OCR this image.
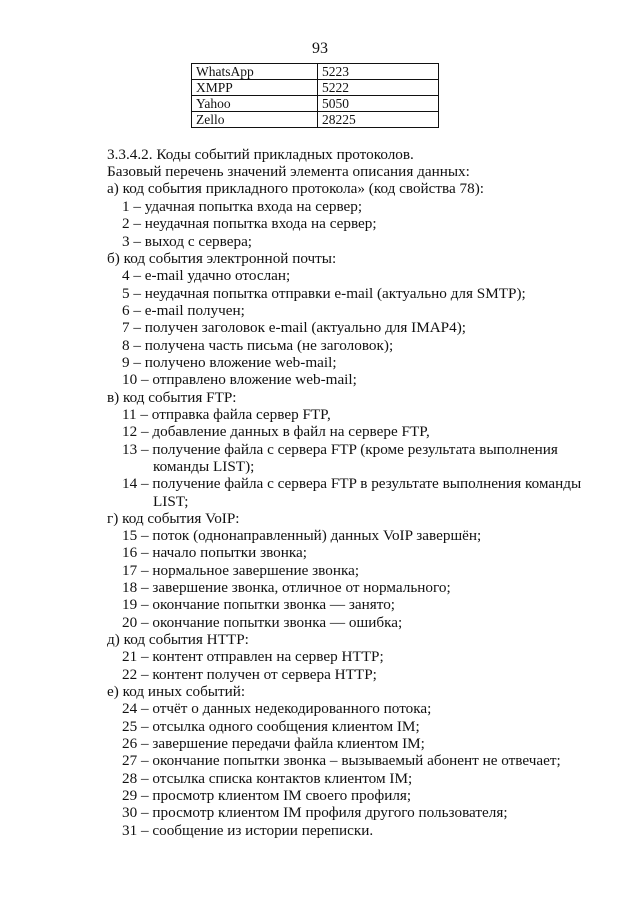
93
WhatsApp	5223
XMPP	5222
Yahoo	5050
Zello	28225
3.3.4.2. Коды событий прикладных протоколов.
Базовый перечень значений элемента описания данных:
а) код события прикладного протокола» (код свойства 78):
1 – удачная попытка входа на сервер;
2 – неудачная попытка входа на сервер;
3 – выход с сервера;
б) код события электронной почты:
4 – e-mail удачно отослан;
5 – неудачная попытка отправки e-mail (актуально для SMTP);
6 – e-mail получен;
7 – получен заголовок e-mail (актуально для IMAP4);
8 – получена часть письма (не заголовок);
9 – получено вложение web-mail;
10 – отправлено вложение web-mail;
в) код события FTP:
11 – отправка файла сервер FTP,
12 – добавление данных в файл на сервере FTP,
13 – получение файла с сервера FTP (кроме результата выполнения
команды LIST);
14 – получение файла с сервера FTP в результате выполнения команды
LIST;
г) код события VoIP:
15 – поток (однонаправленный) данных VoIP завершён;
16 – начало попытки звонка;
17 – нормальное завершение звонка;
18 – завершение звонка, отличное от нормального;
19 – окончание попытки звонка — занято;
20 – окончание попытки звонка — ошибка;
д) код события HTTP:
21 – контент отправлен на сервер HTTP;
22 – контент получен от сервера HTTP;
е) код иных событий:
24 – отчёт о данных недекодированного потока;
25 – отсылка одного сообщения клиентом IM;
26 – завершение передачи файла клиентом IM;
27 – окончание попытки звонка – вызываемый абонент не отвечает;
28 – отсылка списка контактов клиентом IM;
29 – просмотр клиентом IM своего профиля;
30 – просмотр клиентом IM профиля другого пользователя;
31 – сообщение из истории переписки.
